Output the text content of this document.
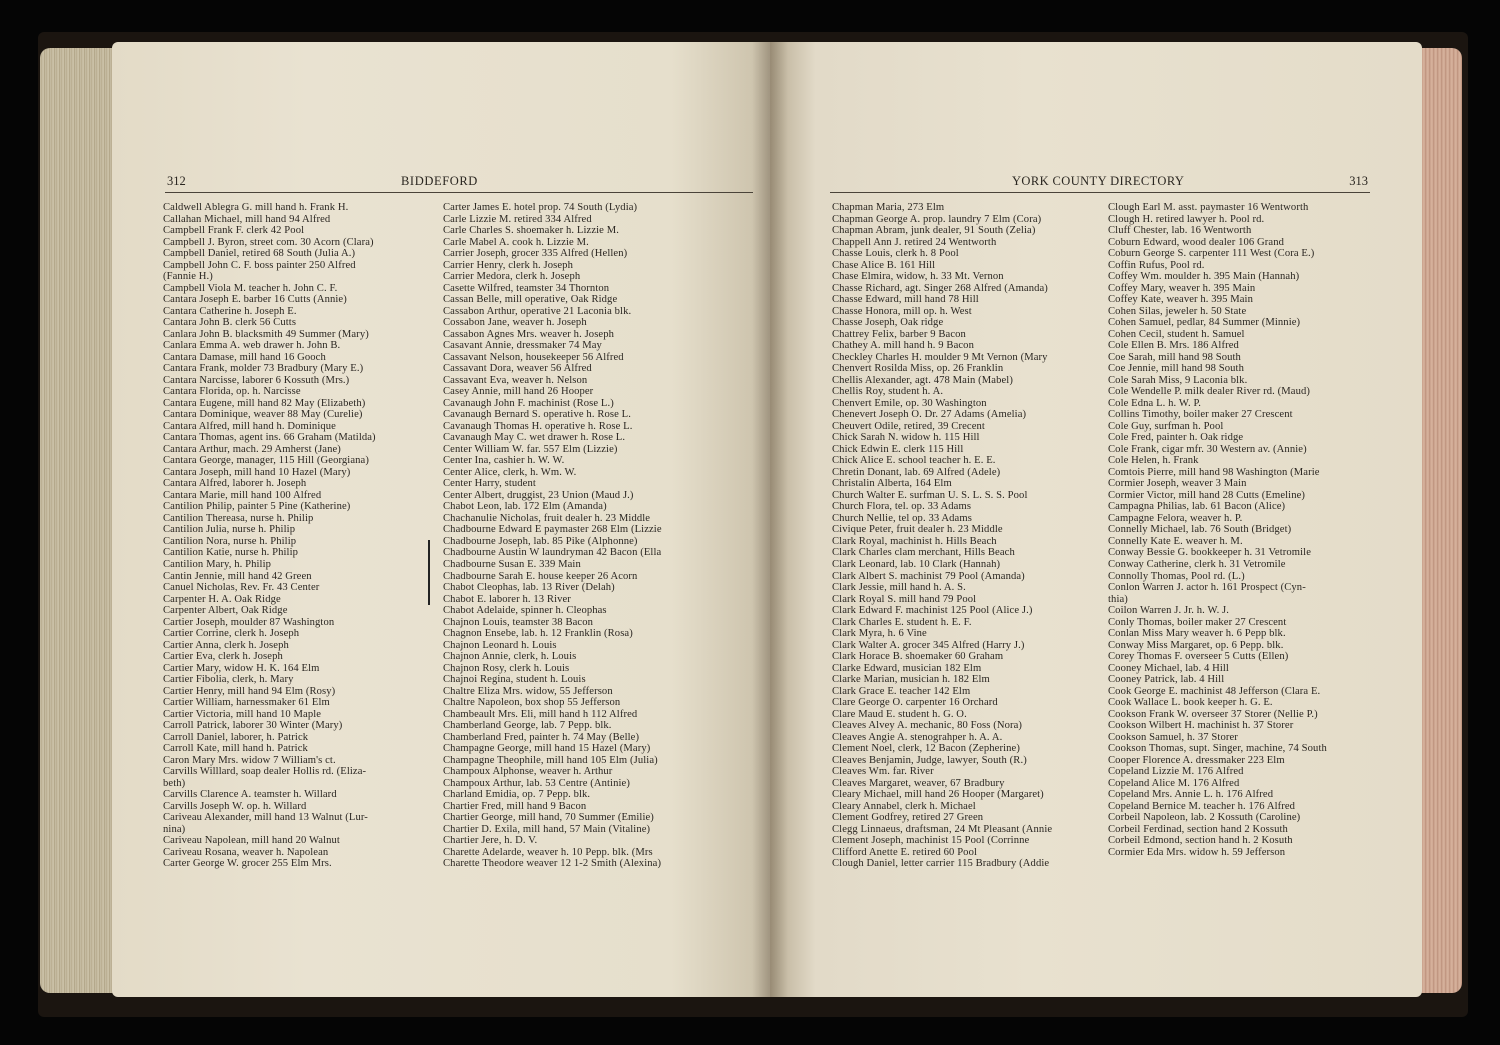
312	BIDDEFORD	YORK COUNTY DIRECTORY	313
Caldwell Ablegra G. mill hand h. Frank H.
Callahan Michael, mill hand 94 Alfred
Campbell Frank F. clerk 42 Pool
Campbell J. Byron, street com. 30 Acorn (Clara)
Campbell Daniel, retired 68 South (Julia A.)
Campbell John C. F. boss painter 250 Alfred
(Fannie H.)
Campbell Viola M. teacher h. John C. F.
Cantara Joseph E. barber 16 Cutts (Annie)
Cantara Catherine h. Joseph E.
Cantara John B. clerk 56 Cutts
Canlara John B. blacksmith 49 Summer (Mary)
Canlara Emma A. web drawer h. John B.
Cantara Damase, mill hand 16 Gooch
Cantara Frank, molder 73 Bradbury (Mary E.)
Cantara Narcisse, laborer 6 Kossuth (Mrs.)
Cantara Florida, op. h. Narcisse
Cantara Eugene, mill hand 82 May (Elizabeth)
Cantara Dominique, weaver 88 May (Curelie)
Cantara Alfred, mill hand h. Dominique
Cantara Thomas, agent ins. 66 Graham (Matilda)
Cantara Arthur, mach. 29 Amherst (Jane)
Cantara George, manager, 115 Hill (Georgiana)
Cantara Joseph, mill hand 10 Hazel (Mary)
Cantara Alfred, laborer h. Joseph
Cantara Marie, mill hand 100 Alfred
Cantilion Philip, painter 5 Pine (Katherine)
Cantilion Thereasa, nurse h. Philip
Cantilion Julia, nurse h. Philip
Cantilion Nora, nurse h. Philip
Cantilion Katie, nurse h. Philip
Cantilion Mary, h. Philip
Cantin Jennie, mill hand 42 Green
Canuel Nicholas, Rev. Fr. 43 Center
Carpenter H. A. Oak Ridge
Carpenter Albert, Oak Ridge
Cartier Joseph, moulder 87 Washington
Cartier Corrine, clerk h. Joseph
Cartier Anna, clerk h. Joseph
Cartier Eva, clerk h. Joseph
Cartier Mary, widow H. K. 164 Elm
Cartier Fibolia, clerk, h. Mary
Cartier Henry, mill hand 94 Elm (Rosy)
Cartier William, harnessmaker 61 Elm
Cartier Victoria, mill hand 10 Maple
Carroll Patrick, laborer 30 Winter (Mary)
Carroll Daniel, laborer, h. Patrick
Carroll Kate, mill hand h. Patrick
Caron Mary Mrs. widow 7 William's ct.
Carvills Willlard, soap dealer Hollis rd. (Eliza-
beth)
Carvills Clarence A. teamster h. Willard
Carvills Joseph W. op. h. Willard
Cariveau Alexander, mill hand 13 Walnut (Lur-
nina)
Cariveau Napolean, mill hand 20 Walnut
Cariveau Rosana, weaver h. Napolean
Carter George W. grocer 255 Elm Mrs.
Carter James E. hotel prop. 74 South (Lydia)
Carle Lizzie M. retired 334 Alfred
Carle Charles S. shoemaker h. Lizzie M.
Carle Mabel A. cook h. Lizzie M.
Carrier Joseph, grocer 335 Alfred (Hellen)
Carrier Henry, clerk h. Joseph
Carrier Medora, clerk h. Joseph
Casette Wilfred, teamster 34 Thornton
Cassan Belle, mill operative, Oak Ridge
Cassabon Arthur, operative 21 Laconia blk.
Cossabon Jane, weaver h. Joseph
Cassabon Agnes Mrs. weaver h. Joseph
Casavant Annie, dressmaker 74 May
Cassavant Nelson, housekeeper 56 Alfred
Cassavant Dora, weaver 56 Alfred
Cassavant Eva, weaver h. Nelson
Casey Annie, mill hand 26 Hooper
Cavanaugh John F. machinist (Rose L.)
Cavanaugh Bernard S. operative h. Rose L.
Cavanaugh Thomas H. operative h. Rose L.
Cavanaugh May C. wet drawer h. Rose L.
Center William W. far. 557 Elm (Lizzie)
Center Ina, cashier h. W. W.
Center Alice, clerk, h. Wm. W.
Center Harry, student
Center Albert, druggist, 23 Union (Maud J.)
Chabot Leon, lab. 172 Elm (Amanda)
Chachanulie Nicholas, fruit dealer h. 23 Middle
Chadbourne Edward E paymaster 268 Elm (Lizzie
Chadbourne Joseph, lab. 85 Pike (Alphonne)
Chadbourne Austin W laundryman 42 Bacon (Ella
Chadbourne Susan E. 339 Main
Chadbourne Sarah E. house keeper 26 Acorn
Chabot Cleophas, lab. 13 River (Delah)
Chabot E. laborer h. 13 River
Chabot Adelaide, spinner h. Cleophas
Chajnon Louis, teamster 38 Bacon
Chagnon Ensebe, lab. h. 12 Franklin (Rosa)
Chajnon Leonard h. Louis
Chajnon Annie, clerk, h. Louis
Chajnon Rosy, clerk h. Louis
Chajnoi Regina, student h. Louis
Chaltre Eliza Mrs. widow, 55 Jefferson
Chaltre Napoleon, box shop 55 Jefferson
Chambeault Mrs. Eli, mill hand h 112 Alfred
Chamberland George, lab. 7 Pepp. blk.
Chamberland Fred, painter h. 74 May (Belle)
Champagne George, mill hand 15 Hazel (Mary)
Champagne Theophile, mill hand 105 Elm (Julia)
Champoux Alphonse, weaver h. Arthur
Champoux Arthur, lab. 53 Centre (Antinie)
Charland Emidia, op. 7 Pepp. blk.
Chartier Fred, mill hand 9 Bacon
Chartier George, mill hand, 70 Summer (Emilie)
Chartier D. Exila, mill hand, 57 Main (Vitaline)
Chartier Jere, h. D. V.
Charette Adelarde, weaver h. 10 Pepp. blk. (Mrs
Charette Theodore weaver 12 1-2 Smith (Alexina)
Chapman Maria, 273 Elm
Chapman George A. prop. laundry 7 Elm (Cora)
Chapman Abram, junk dealer, 91 South (Zelia)
Chappell Ann J. retired 24 Wentworth
Chasse Louis, clerk h. 8 Pool
Chase Alice B. 161 Hill
Chase Elmira, widow, h. 33 Mt. Vernon
Chasse Richard, agt. Singer 268 Alfred (Amanda)
Chasse Edward, mill hand 78 Hill
Chasse Honora, mill op. h. West
Chasse Joseph, Oak ridge
Chattrey Felix, barber 9 Bacon
Chathey A. mill hand h. 9 Bacon
Checkley Charles H. moulder 9 Mt Vernon (Mary
Chenvert Rosilda Miss, op. 26 Franklin
Chellis Alexander, agt. 478 Main (Mabel)
Chellis Roy, student h. A.
Chenvert Emile, op. 30 Washington
Chenevert Joseph O. Dr. 27 Adams (Amelia)
Cheuvert Odile, retired, 39 Crecent
Chick Sarah N. widow h. 115 Hill
Chick Edwin E. clerk 115 Hill
Chick Alice E. school teacher h. E. E.
Chretin Donant, lab. 69 Alfred (Adele)
Christalin Alberta, 164 Elm
Church Walter E. surfman U. S. L. S. S. Pool
Church Flora, tel. op. 33 Adams
Church Nellie, tel op. 33 Adams
Civique Peter, fruit dealer h. 23 Middle
Clark Royal, machinist h. Hills Beach
Clark Charles clam merchant, Hills Beach
Clark Leonard, lab. 10 Clark (Hannah)
Clark Albert S. machinist 79 Pool (Amanda)
Clark Jessie, mill hand h. A. S.
Clark Royal S. mill hand 79 Pool
Clark Edward F. machinist 125 Pool (Alice J.)
Clark Charles E. student h. E. F.
Clark Myra, h. 6 Vine
Clark Walter A. grocer 345 Alfred (Harry J.)
Clark Horace B. shoemaker 60 Graham
Clarke Edward, musician 182 Elm
Clarke Marian, musician h. 182 Elm
Clark Grace E. teacher 142 Elm
Clare George O. carpenter 16 Orchard
Clare Maud E. student h. G. O.
Cleaves Alvey A. mechanic, 80 Foss (Nora)
Cleaves Angie A. stenograhper h. A. A.
Clement Noel, clerk, 12 Bacon (Zepherine)
Cleaves Benjamin, Judge, lawyer, South (R.)
Cleaves Wm. far. River
Cleaves Margaret, weaver, 67 Bradbury
Cleary Michael, mill hand 26 Hooper (Margaret)
Cleary Annabel, clerk h. Michael
Clement Godfrey, retired 27 Green
Clegg Linnaeus, draftsman, 24 Mt Pleasant (Annie
Clement Joseph, machinist 15 Pool (Corrinne
Clifford Anette E. retired 60 Pool
Clough Daniel, letter carrier 115 Bradbury (Addie
Clough Earl M. asst. paymaster 16 Wentworth
Clough H. retired lawyer h. Pool rd.
Cluff Chester, lab. 16 Wentworth
Coburn Edward, wood dealer 106 Grand
Coburn George S. carpenter 111 West (Cora E.)
Coffin Rufus, Pool rd.
Coffey Wm. moulder h. 395 Main (Hannah)
Coffey Mary, weaver h. 395 Main
Coffey Kate, weaver h. 395 Main
Cohen Silas, jeweler h. 50 State
Cohen Samuel, pedlar, 84 Summer (Minnie)
Cohen Cecil, student h. Samuel
Cole Ellen B. Mrs. 186 Alfred
Coe Sarah, mill hand 98 South
Coe Jennie, mill hand 98 South
Cole Sarah Miss, 9 Laconia blk.
Cole Wendelle P. milk dealer River rd. (Maud)
Cole Edna L. h. W. P.
Collins Timothy, boiler maker 27 Crescent
Cole Guy, surfman h. Pool
Cole Fred, painter h. Oak ridge
Cole Frank, cigar mfr. 30 Western av. (Annie)
Cole Helen, h. Frank
Comtois Pierre, mill hand 98 Washington (Marie
Cormier Joseph, weaver 3 Main
Cormier Victor, mill hand 28 Cutts (Emeline)
Campagna Philias, lab. 61 Bacon (Alice)
Campagne Felora, weaver h. P.
Connelly Michael, lab. 76 South (Bridget)
Connelly Kate E. weaver h. M.
Conway Bessie G. bookkeeper h. 31 Vetromile
Conway Catherine, clerk h. 31 Vetromile
Connolly Thomas, Pool rd. (L.)
Conlon Warren J. actor h. 161 Prospect (Cyn-
thia)
Coilon Warren J. Jr. h. W. J.
Conly Thomas, boiler maker 27 Crescent
Conlan Miss Mary weaver h. 6 Pepp blk.
Conway Miss Margaret, op. 6 Pepp. blk.
Corey Thomas F. overseer 5 Cutts (Ellen)
Cooney Michael, lab. 4 Hill
Cooney Patrick, lab. 4 Hill
Cook George E. machinist 48 Jefferson (Clara E.
Cook Wallace L. book keeper h. G. E.
Cookson Frank W. overseer 37 Storer (Nellie P.)
Cookson Wilbert H. machinist h. 37 Storer
Cookson Samuel, h. 37 Storer
Cookson Thomas, supt. Singer, machine, 74 South
Cooper Florence A. dressmaker 223 Elm
Copeland Lizzie M. 176 Alfred
Copeland Alice M. 176 Alfred
Copeland Mrs. Annie L. h. 176 Alfred
Copeland Bernice M. teacher h. 176 Alfred
Corbeil Napoleon, lab. 2 Kossuth (Caroline)
Corbeil Ferdinad, section hand 2 Kossuth
Corbeil Edmond, section hand h. 2 Kosuth
Cormier Eda Mrs. widow h. 59 Jefferson
